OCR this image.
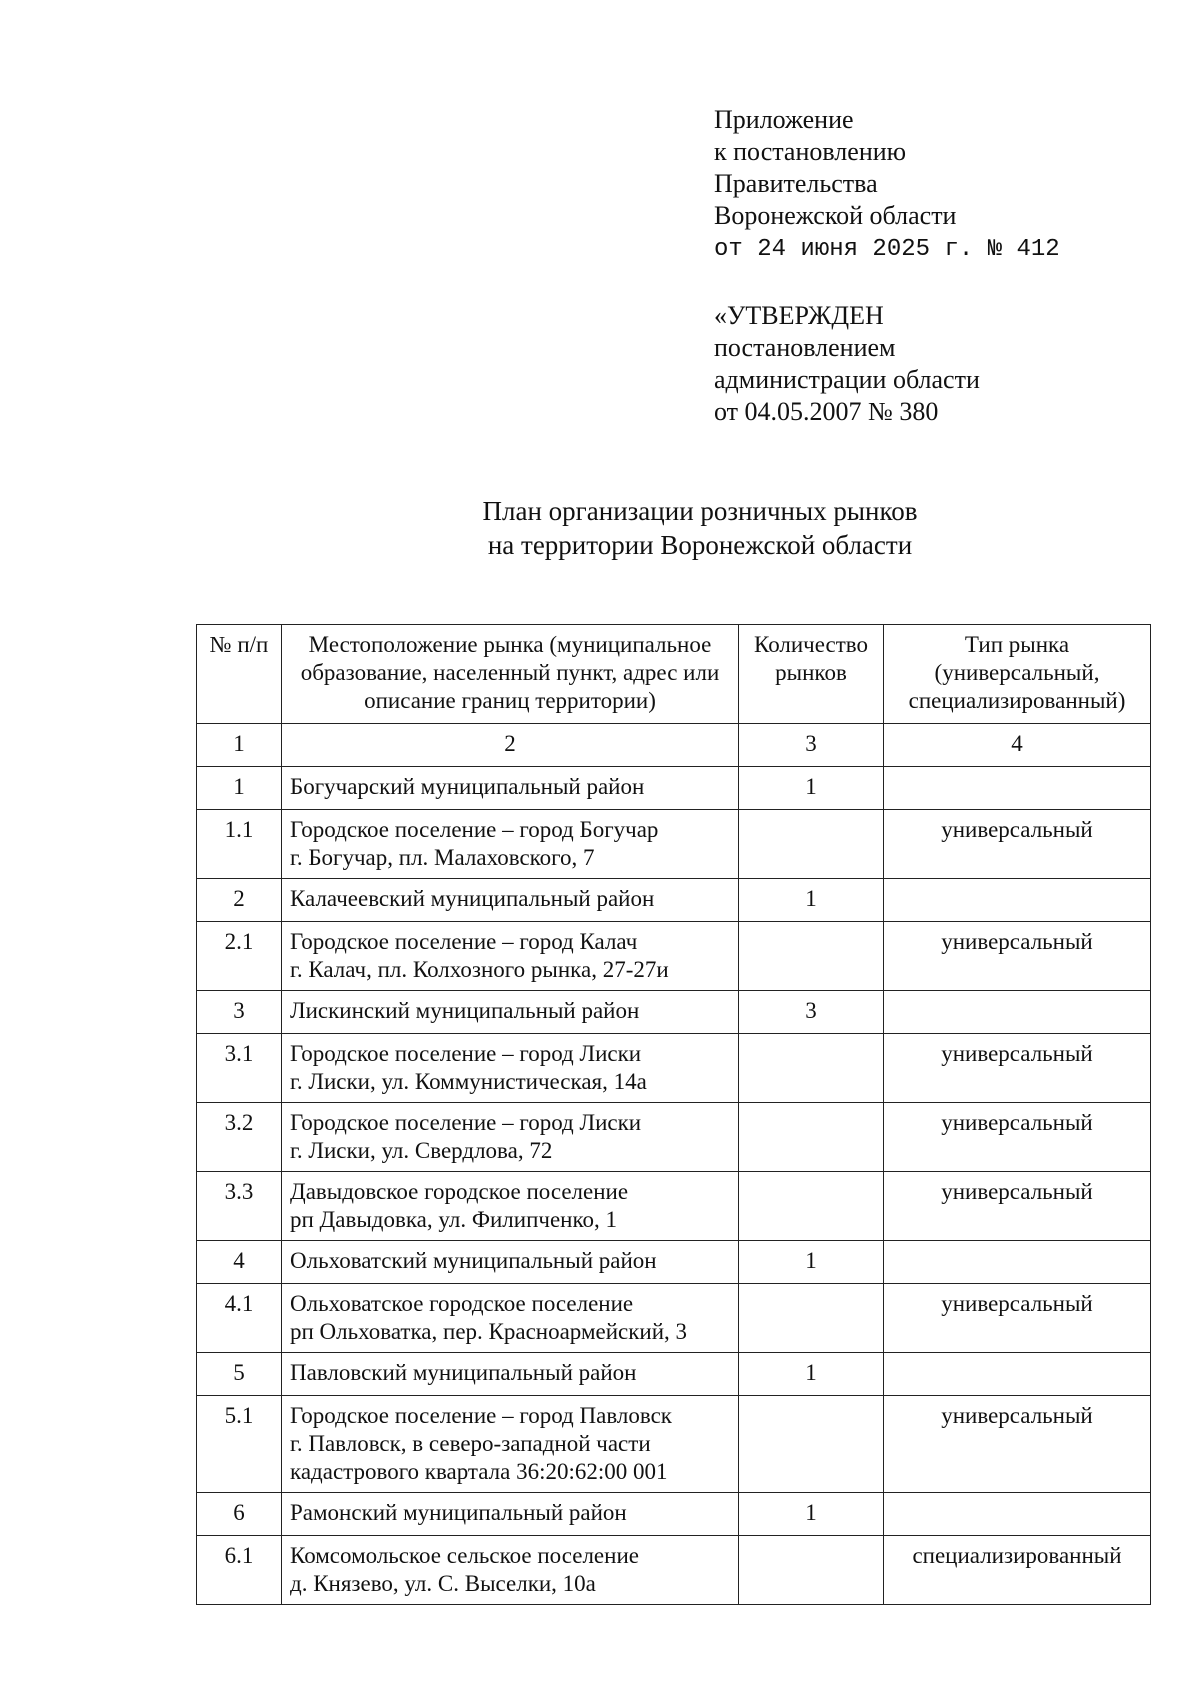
Приложение
к постановлению
Правительства
Воронежской области
от 24 июня 2025 г. № 412
«УТВЕРЖДЕН
постановлением
администрации области
от 04.05.2007 № 380
План организации розничных рынков
на территории Воронежской области
№ п/п	Местоположение рынка (муниципальное образование, населенный пункт, адрес или описание границ территории)	Количество рынков	Тип рынка (универсальный, специализированный)
1	2	3	4
1	Богучарский муниципальный район	1	
1.1	Городское поселение – город Богучар
г. Богучар, пл. Малаховского, 7		универсальный
2	Калачеевский муниципальный район	1	
2.1	Городское поселение – город Калач
г. Калач, пл. Колхозного рынка, 27-27и		универсальный
3	Лискинский муниципальный район	3	
3.1	Городское поселение – город Лиски
г. Лиски, ул. Коммунистическая, 14а		универсальный
3.2	Городское поселение – город Лиски
г. Лиски, ул. Свердлова, 72		универсальный
3.3	Давыдовское городское поселение
рп Давыдовка, ул. Филипченко, 1		универсальный
4	Ольховатский муниципальный район	1	
4.1	Ольховатское городское поселение
рп Ольховатка, пер. Красноармейский, 3		универсальный
5	Павловский муниципальный район	1	
5.1	Городское поселение – город Павловск
г. Павловск, в северо-западной части
кадастрового квартала 36:20:62:00 001		универсальный
6	Рамонский муниципальный район	1	
6.1	Комсомольское сельское поселение
д. Князево, ул. С. Выселки, 10а		специализированный
